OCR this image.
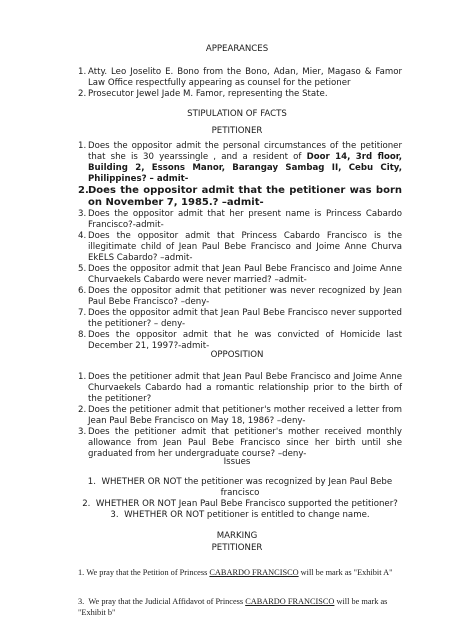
APPEARANCES
1. Atty. Leo Joselito E. Bono from the Bono, Adan, Mier, Magaso & Famor Law Office respectfully appearing as counsel for the petioner
2. Prosecutor Jewel Jade M. Famor, representing the State.
STIPULATION OF FACTS
PETITIONER
1. Does the oppositor admit the personal circumstances of the petitioner that she is 30 yearssingle , and a resident of Door 14, 3rd floor, Building 2, Essons Manor, Barangay Sambag II, Cebu City, Philippines? – admit-
2. Does the oppositor admit that the petitioner was born on November 7, 1985.? –admit-
3. Does the oppositor admit that her present name is Princess Cabardo Francisco?-admit-
4. Does the oppositor admit that Princess Cabardo Francisco is the illegitimate child of Jean Paul Bebe Francisco and Joime Anne Churva EkELS Cabardo? –admit-
5. Does the oppositor admit that Jean Paul Bebe Francisco and Joime Anne Churvaekels Cabardo were never married? –admit-
6. Does the oppositor admit that petitioner was never recognized by Jean Paul Bebe Francisco? –deny-
7. Does the oppositor admit that Jean Paul Bebe Francisco never supported the petitioner? – deny-
8. Does the oppositor admit that he was convicted of Homicide last December 21, 1997?-admit-
OPPOSITION
1. Does the petitioner admit that Jean Paul Bebe Francisco and Joime Anne Churvaekels Cabardo had a romantic relationship prior to the birth of the petitioner?
2. Does the petitioner admit that petitioner's mother received a letter from Jean Paul Bebe Francisco on May 18, 1986? –deny-
3. Does the petitioner admit that petitioner's mother received monthly allowance from Jean Paul Bebe Francisco since her birth until she graduated from her undergraduate course? –deny-
Issues
1. WHETHER OR NOT the petitioner was recognized by Jean Paul Bebe francisco
2. WHETHER OR NOT Jean Paul Bebe Francisco supported the petitioner?
3. WHETHER OR NOT petitioner is entitled to change name.
MARKING
PETITIONER
1. We pray that the Petition of Princess CABARDO FRANCISCO will be mark as "Exhibit A"
3. We pray that the Judicial Affidavot of Princess CABARDO FRANCISCO will be mark as "Exhibit b"
